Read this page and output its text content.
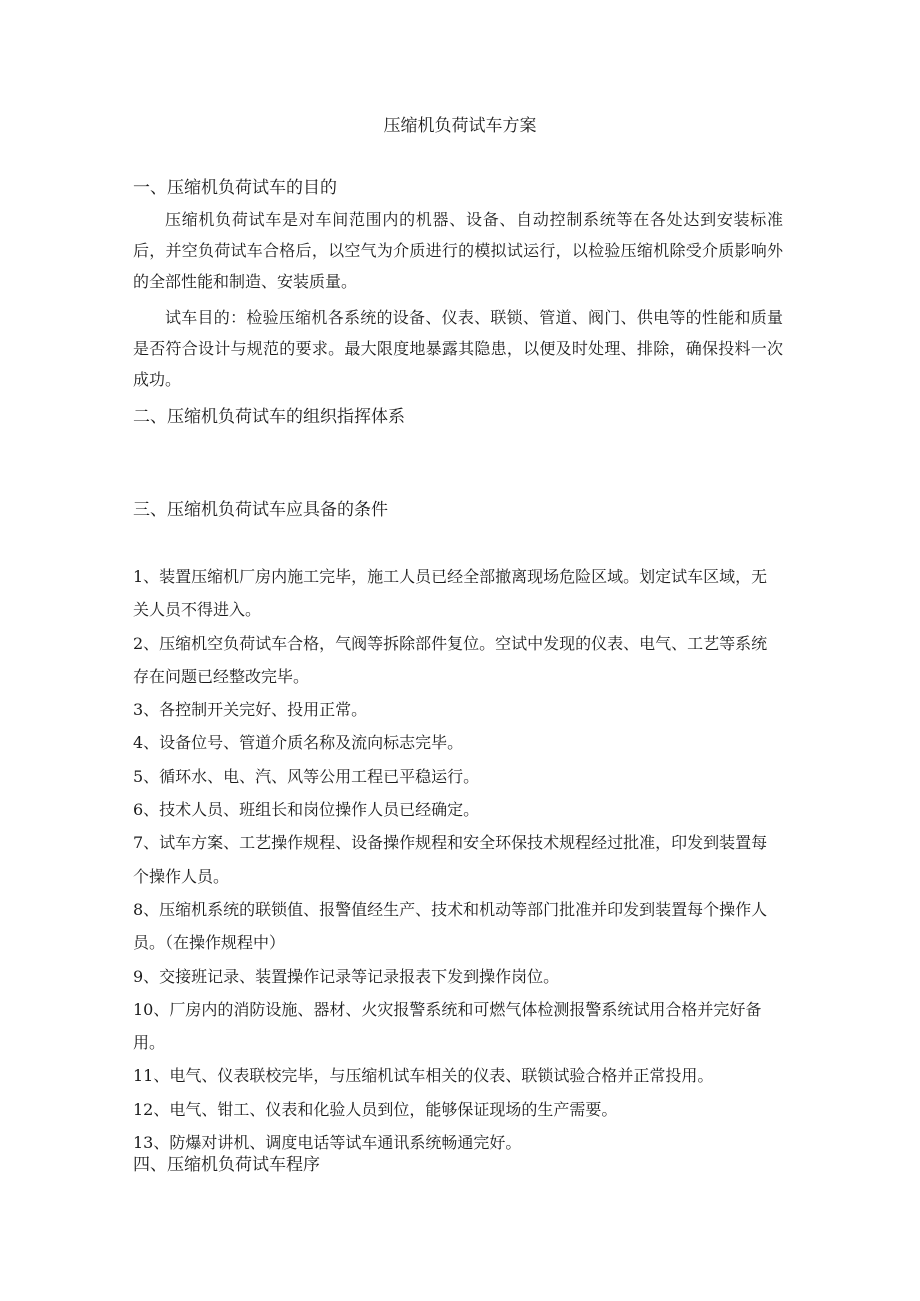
压缩机负荷试车方案
一、压缩机负荷试车的目的

压缩机负荷试车是对车间范围内的机器、设备、自动控制系统等在各处达到安装标准后，并空负荷试车合格后，以空气为介质进行的模拟试运行，以检验压缩机除受介质影响外的全部性能和制造、安装质量。

试车目的：检验压缩机各系统的设备、仪表、联锁、管道、阀门、供电等的性能和质量是否符合设计与规范的要求。最大限度地暴露其隐患，以便及时处理、排除，确保投料一次成功。

二、压缩机负荷试车的组织指挥体系
三、压缩机负荷试车应具备的条件
1、装置压缩机厂房内施工完毕，施工人员已经全部撤离现场危险区域。划定试车区域，无关人员不得进入。
2、压缩机空负荷试车合格，气阀等拆除部件复位。空试中发现的仪表、电气、工艺等系统存在问题已经整改完毕。
3、各控制开关完好、投用正常。
4、设备位号、管道介质名称及流向标志完毕。
5、循环水、电、汽、风等公用工程已平稳运行。
6、技术人员、班组长和岗位操作人员已经确定。
7、试车方案、工艺操作规程、设备操作规程和安全环保技术规程经过批准，印发到装置每个操作人员。
8、压缩机系统的联锁值、报警值经生产、技术和机动等部门批准并印发到装置每个操作人员。（在操作规程中）
9、交接班记录、装置操作记录等记录报表下发到操作岗位。
10、厂房内的消防设施、器材、火灾报警系统和可燃气体检测报警系统试用合格并完好备用。
11、电气、仪表联校完毕，与压缩机试车相关的仪表、联锁试验合格并正常投用。
12、电气、钳工、仪表和化验人员到位，能够保证现场的生产需要。
13、防爆对讲机、调度电话等试车通讯系统畅通完好。
四、压缩机负荷试车程序
